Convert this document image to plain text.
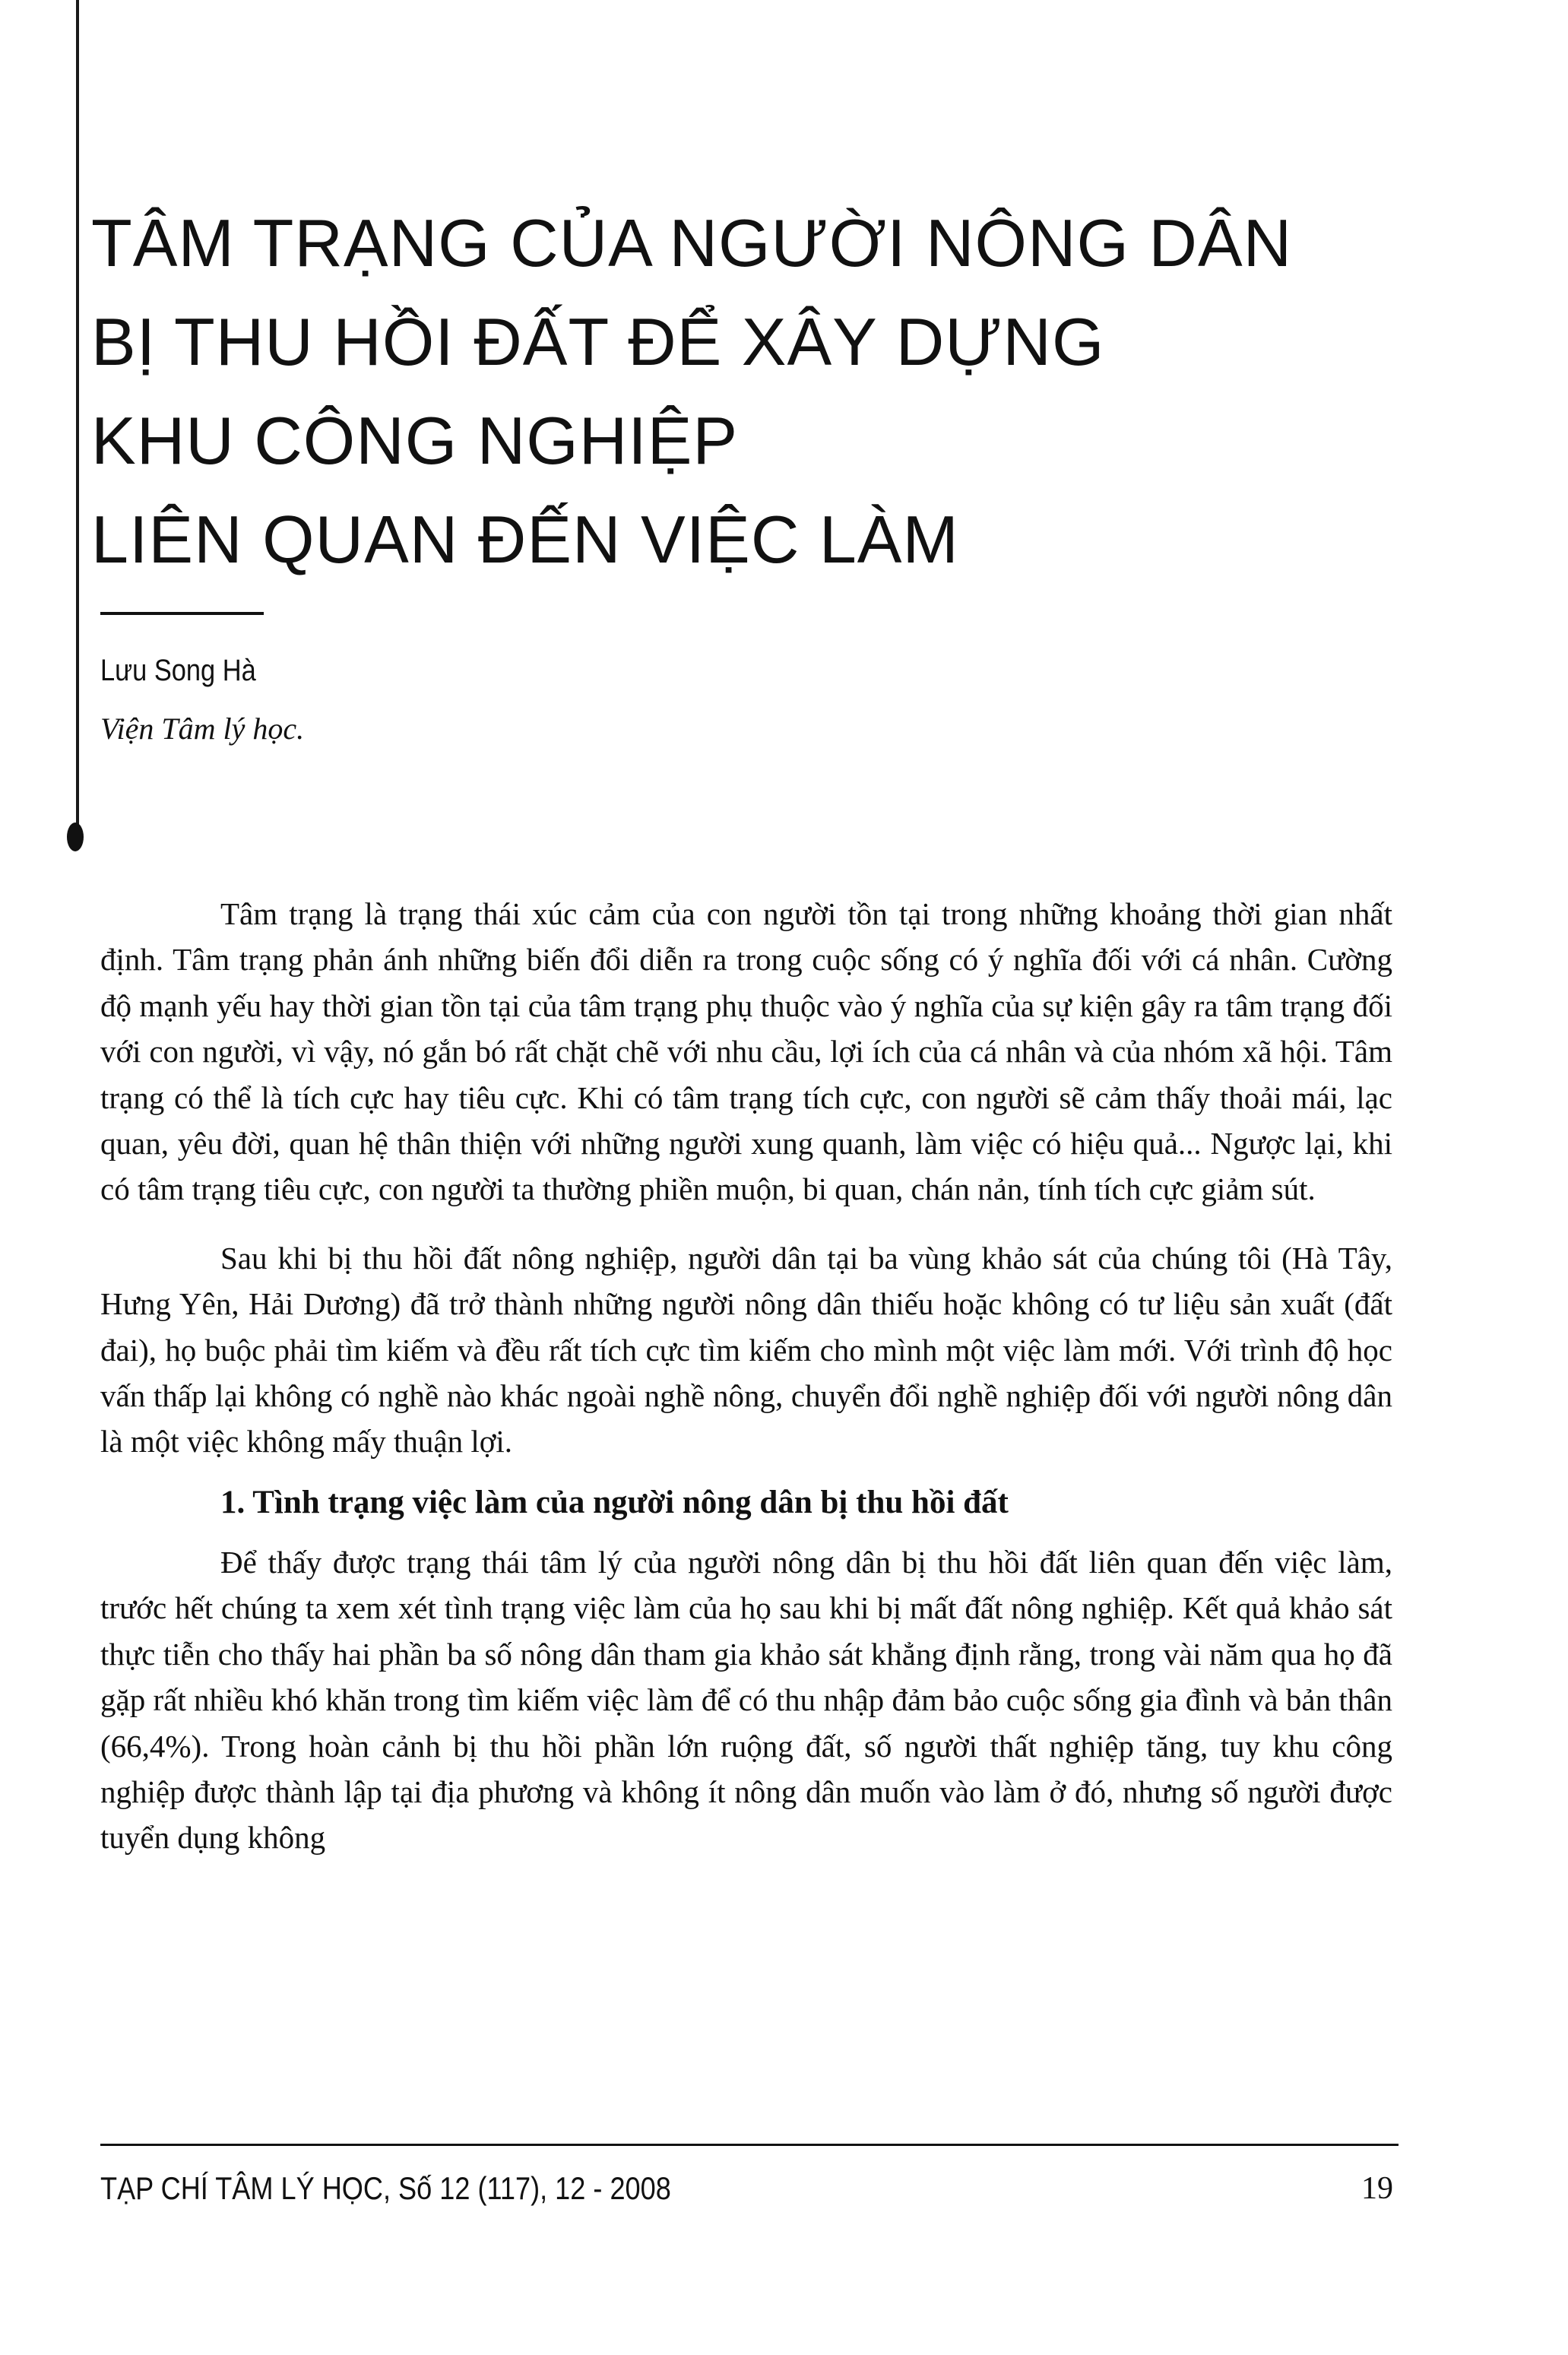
TÂM TRẠNG CỦA NGƯỜI NÔNG DÂN
BỊ THU HỒI ĐẤT ĐỂ XÂY DỰNG
KHU CÔNG NGHIỆP
LIÊN QUAN ĐẾN VIỆC LÀM
Lưu Song Hà
Viện Tâm lý học.

Tâm trạng là trạng thái xúc cảm của con người tồn tại trong những khoảng thời gian nhất định. Tâm trạng phản ánh những biến đổi diễn ra trong cuộc sống có ý nghĩa đối với cá nhân. Cường độ mạnh yếu hay thời gian tồn tại của tâm trạng phụ thuộc vào ý nghĩa của sự kiện gây ra tâm trạng đối với con người, vì vậy, nó gắn bó rất chặt chẽ với nhu cầu, lợi ích của cá nhân và của nhóm xã hội. Tâm trạng có thể là tích cực hay tiêu cực. Khi có tâm trạng tích cực, con người sẽ cảm thấy thoải mái, lạc quan, yêu đời, quan hệ thân thiện với những người xung quanh, làm việc có hiệu quả... Ngược lại, khi có tâm trạng tiêu cực, con người ta thường phiền muộn, bi quan, chán nản, tính tích cực giảm sút.

Sau khi bị thu hồi đất nông nghiệp, người dân tại ba vùng khảo sát của chúng tôi (Hà Tây, Hưng Yên, Hải Dương) đã trở thành những người nông dân thiếu hoặc không có tư liệu sản xuất (đất đai), họ buộc phải tìm kiếm và đều rất tích cực tìm kiếm cho mình một việc làm mới. Với trình độ học vấn thấp lại không có nghề nào khác ngoài nghề nông, chuyển đổi nghề nghiệp đối với người nông dân là một việc không mấy thuận lợi.

1. Tình trạng việc làm của người nông dân bị thu hồi đất

Để thấy được trạng thái tâm lý của người nông dân bị thu hồi đất liên quan đến việc làm, trước hết chúng ta xem xét tình trạng việc làm của họ sau khi bị mất đất nông nghiệp. Kết quả khảo sát thực tiễn cho thấy hai phần ba số nông dân tham gia khảo sát khẳng định rằng, trong vài năm qua họ đã gặp rất nhiều khó khăn trong tìm kiếm việc làm để có thu nhập đảm bảo cuộc sống gia đình và bản thân (66,4%). Trong hoàn cảnh bị thu hồi phần lớn ruộng đất, số người thất nghiệp tăng, tuy khu công nghiệp được thành lập tại địa phương và không ít nông dân muốn vào làm ở đó, nhưng số người được tuyển dụng không

TẠP CHÍ TÂM LÝ HỌC, Số 12 (117), 12 - 2008	19
